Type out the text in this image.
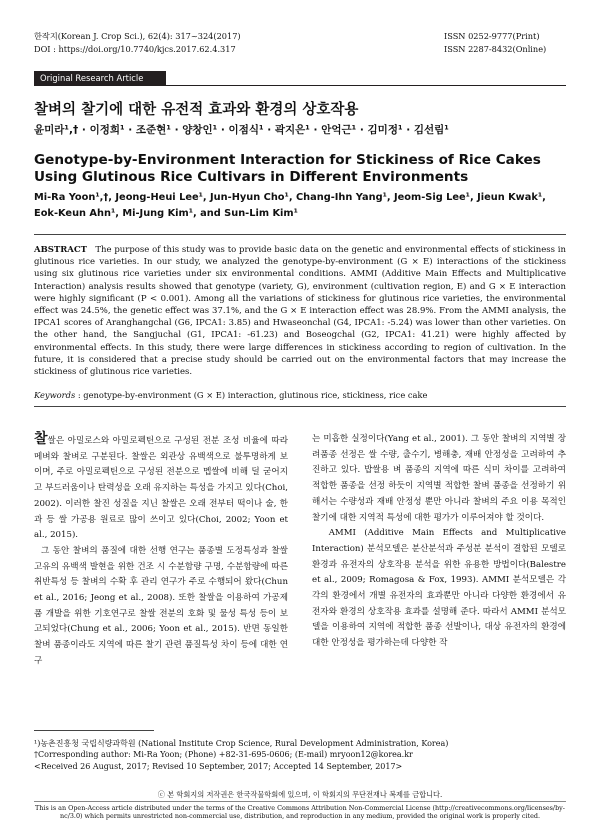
한작지(Korean J. Crop Sci.), 62(4): 317~324(2017)
DOI : https://doi.org/10.7740/kjcs.2017.62.4.317
ISSN 0252-9777(Print)
ISSN 2287-8432(Online)
Original Research Article
찰벼의 찰기에 대한 유전적 효과와 환경의 상호작용
윤미라¹,† · 이정희¹ · 조준현¹ · 양창인¹ · 이점식¹ · 곽지은¹ · 안억근¹ · 김미정¹ · 김선림¹
Genotype-by-Environment Interaction for Stickiness of Rice Cakes Using Glutinous Rice Cultivars in Different Environments
Mi-Ra Yoon¹,†, Jeong-Heui Lee¹, Jun-Hyun Cho¹, Chang-Ihn Yang¹, Jeom-Sig Lee¹, Jieun Kwak¹, Eok-Keun Ahn¹, Mi-Jung Kim¹, and Sun-Lim Kim¹
ABSTRACT The purpose of this study was to provide basic data on the genetic and environmental effects of stickiness in glutinous rice varieties. In our study, we analyzed the genotype-by-environment (G × E) interactions of the stickiness using six glutinous rice varieties under six environmental conditions. AMMI (Additive Main Effects and Multiplicative Interaction) analysis results showed that genotype (variety, G), environment (cultivation region, E) and G × E interaction were highly significant (P < 0.001). Among all the variations of stickiness for glutinous rice varieties, the environmental effect was 24.5%, the genetic effect was 37.1%, and the G × E interaction effect was 28.9%. From the AMMI analysis, the IPCA1 scores of Aranghangchal (G6, IPCA1: 3.85) and Hwaseonchal (G4, IPCA1: -5.24) was lower than other varieties. On the other hand, the Sangjuchal (G1, IPCA1: -61.23) and Boseogchal (G2, IPCA1: 41.21) were highly affected by environmental effects. In this study, there were large differences in stickiness according to region of cultivation. In the future, it is considered that a precise study should be carried out on the environmental factors that may increase the stickiness of glutinous rice varieties.
Keywords : genotype-by-environment (G × E) interaction, glutinous rice, stickiness, rice cake

찰쌀은 아밀로스와 아밀로펙틴으로 구성된 전분 조성 비율에 따라 메벼와 찰벼로 구분된다. 찰쌀은 외관상 유백색으로 불투명하게 보이며, 주로 아밀로펙틴으로 구성된 전분으로 멥쌀에 비해 덜 굳어지고 부드러움이나 탄력성을 오래 유지하는 특성을 가지고 있다(Choi, 2002). 이러한 찰진 성질을 지닌 찰쌀은 오래 전부터 떡이나 술, 한과 등 쌀 가공용 원료로 많이 쓰이고 있다(Choi, 2002; Yoon et al., 2015).

그 동안 찰벼의 품질에 대한 선행 연구는 품종별 도정특성과 찰쌀 고유의 유백색 발현을 위한 건조 시 수분함량 구명, 수분함량에 따른 취반특성 등 찰벼의 수확 후 관리 연구가 주로 수행되어 왔다(Chun et al., 2016; Jeong et al., 2008). 또한 찰쌀을 이용하여 가공제품 개발을 위한 기호연구로 찰쌀 전분의 호화 및 물성 특성 등이 보고되었다(Chung et al., 2006; Yoon et al., 2015). 반면 동일한 찰벼 품종이라도 지역에 따른 찰기 관련 품질특성 차이 등에 대한 연구

는 미흡한 실정이다(Yang et al., 2001). 그 동안 찰벼의 지역별 장려품종 선정은 쌀 수량, 출수기, 병해충, 재배 안정성을 고려하여 추진하고 있다. 밥쌀용 벼 품종의 지역에 따른 식미 차이를 고려하여 적합한 품종을 선정 하듯이 지역별 적합한 찰벼 품종을 선정하기 위해서는 수량성과 재배 안정성 뿐만 아니라 찰벼의 주요 이용 목적인 찰기에 대한 지역적 특성에 대한 평가가 이루어져야 할 것이다.

AMMI (Additive Main Effects and Multiplicative Interaction) 분석모델은 분산분석과 주성분 분석이 결합된 모델로 환경과 유전자의 상호작용 분석을 위한 유용한 방법이다(Balestre et al., 2009; Romagosa & Fox, 1993). AMMI 분석모델은 각각의 환경에서 개별 유전자의 효과뿐만 아니라 다양한 환경에서 유전자와 환경의 상호작용 효과를 설명해 준다. 따라서 AMMI 분석모델을 이용하여 지역에 적합한 품종 선발이나, 대상 유전자의 환경에 대한 안정성을 평가하는데 다양한 작

¹)농촌진흥청 국립식량과학원 (National Institute Crop Science, Rural Development Administration, Korea)
†Corresponding author: Mi-Ra Yoon; (Phone) +82-31-695-0606; (E-mail) mryoon12@korea.kr
<Received 26 August, 2017; Revised 10 September, 2017; Accepted 14 September, 2017>
ⓒ 본 학회지의 저작권은 한국작물학회에 있으며, 이 학회지의 무단전재나 복제를 금합니다.
This is an Open-Access article distributed under the terms of the Creative Commons Attribution Non-Commercial License (http://creativecommons.org/licenses/by-nc/3.0) which permits unrestricted non-commercial use, distribution, and reproduction in any medium, provided the original work is properly cited.
